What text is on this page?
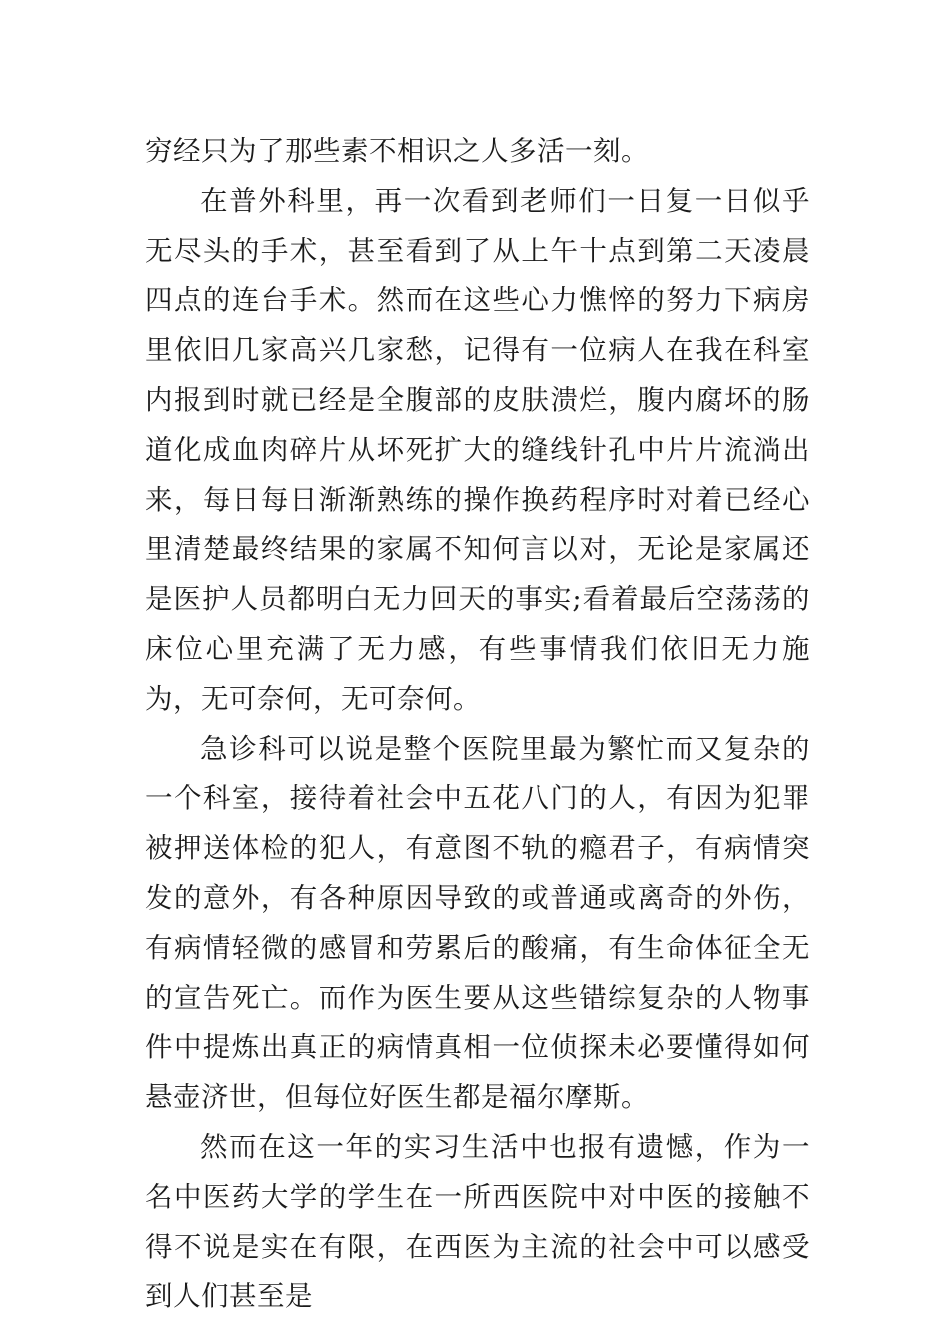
穷经只为了那些素不相识之人多活一刻。

在普外科里，再一次看到老师们一日复一日似乎无尽头的手术，甚至看到了从上午十点到第二天凌晨四点的连台手术。然而在这些心力憔悴的努力下病房里依旧几家高兴几家愁，记得有一位病人在我在科室内报到时就已经是全腹部的皮肤溃烂，腹内腐坏的肠道化成血肉碎片从坏死扩大的缝线针孔中片片流淌出来，每日每日渐渐熟练的操作换药程序时对着已经心里清楚最终结果的家属不知何言以对，无论是家属还是医护人员都明白无力回天的事实;看着最后空荡荡的床位心里充满了无力感，有些事情我们依旧无力施为，无可奈何，无可奈何。

急诊科可以说是整个医院里最为繁忙而又复杂的一个科室，接待着社会中五花八门的人，有因为犯罪被押送体检的犯人，有意图不轨的瘾君子，有病情突发的意外，有各种原因导致的或普通或离奇的外伤，有病情轻微的感冒和劳累后的酸痛，有生命体征全无的宣告死亡。而作为医生要从这些错综复杂的人物事件中提炼出真正的病情真相一位侦探未必要懂得如何悬壶济世，但每位好医生都是福尔摩斯。

然而在这一年的实习生活中也报有遗憾，作为一名中医药大学的学生在一所西医院中对中医的接触不得不说是实在有限，在西医为主流的社会中可以感受到人们甚至是
